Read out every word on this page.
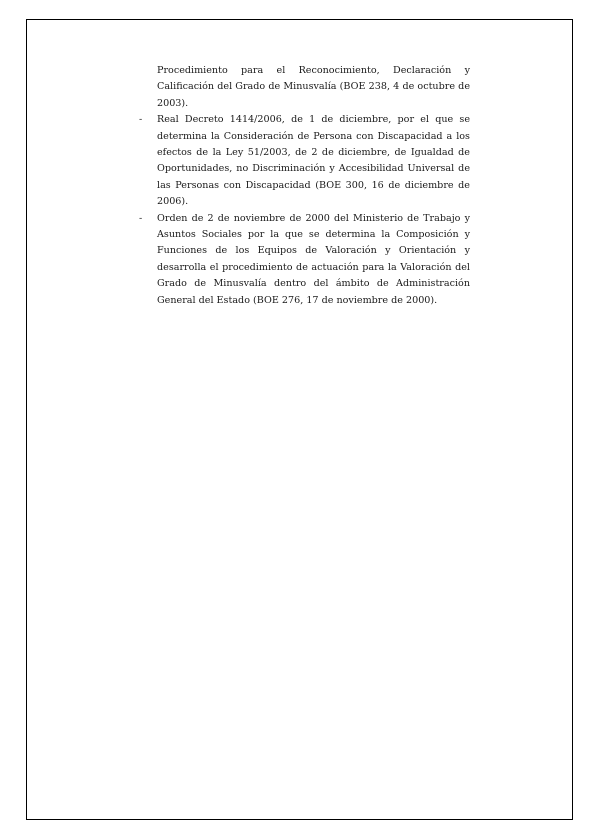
Procedimiento para el Reconocimiento, Declaración y Calificación del Grado de Minusvalía (BOE 238, 4 de octubre de 2003).

- Real Decreto 1414/2006, de 1 de diciembre, por el que se determina la Consideración de Persona con Discapacidad a los efectos de la Ley 51/2003, de 2 de diciembre, de Igualdad de Oportunidades, no Discriminación y Accesibilidad Universal de las Personas con Discapacidad (BOE 300, 16 de diciembre de 2006).
- Orden de 2 de noviembre de 2000 del Ministerio de Trabajo y Asuntos Sociales por la que se determina la Composición y Funciones de los Equipos de Valoración y Orientación y desarrolla el procedimiento de actuación para la Valoración del Grado de Minusvalía dentro del ámbito de Administración General del Estado (BOE 276, 17 de noviembre de 2000).
